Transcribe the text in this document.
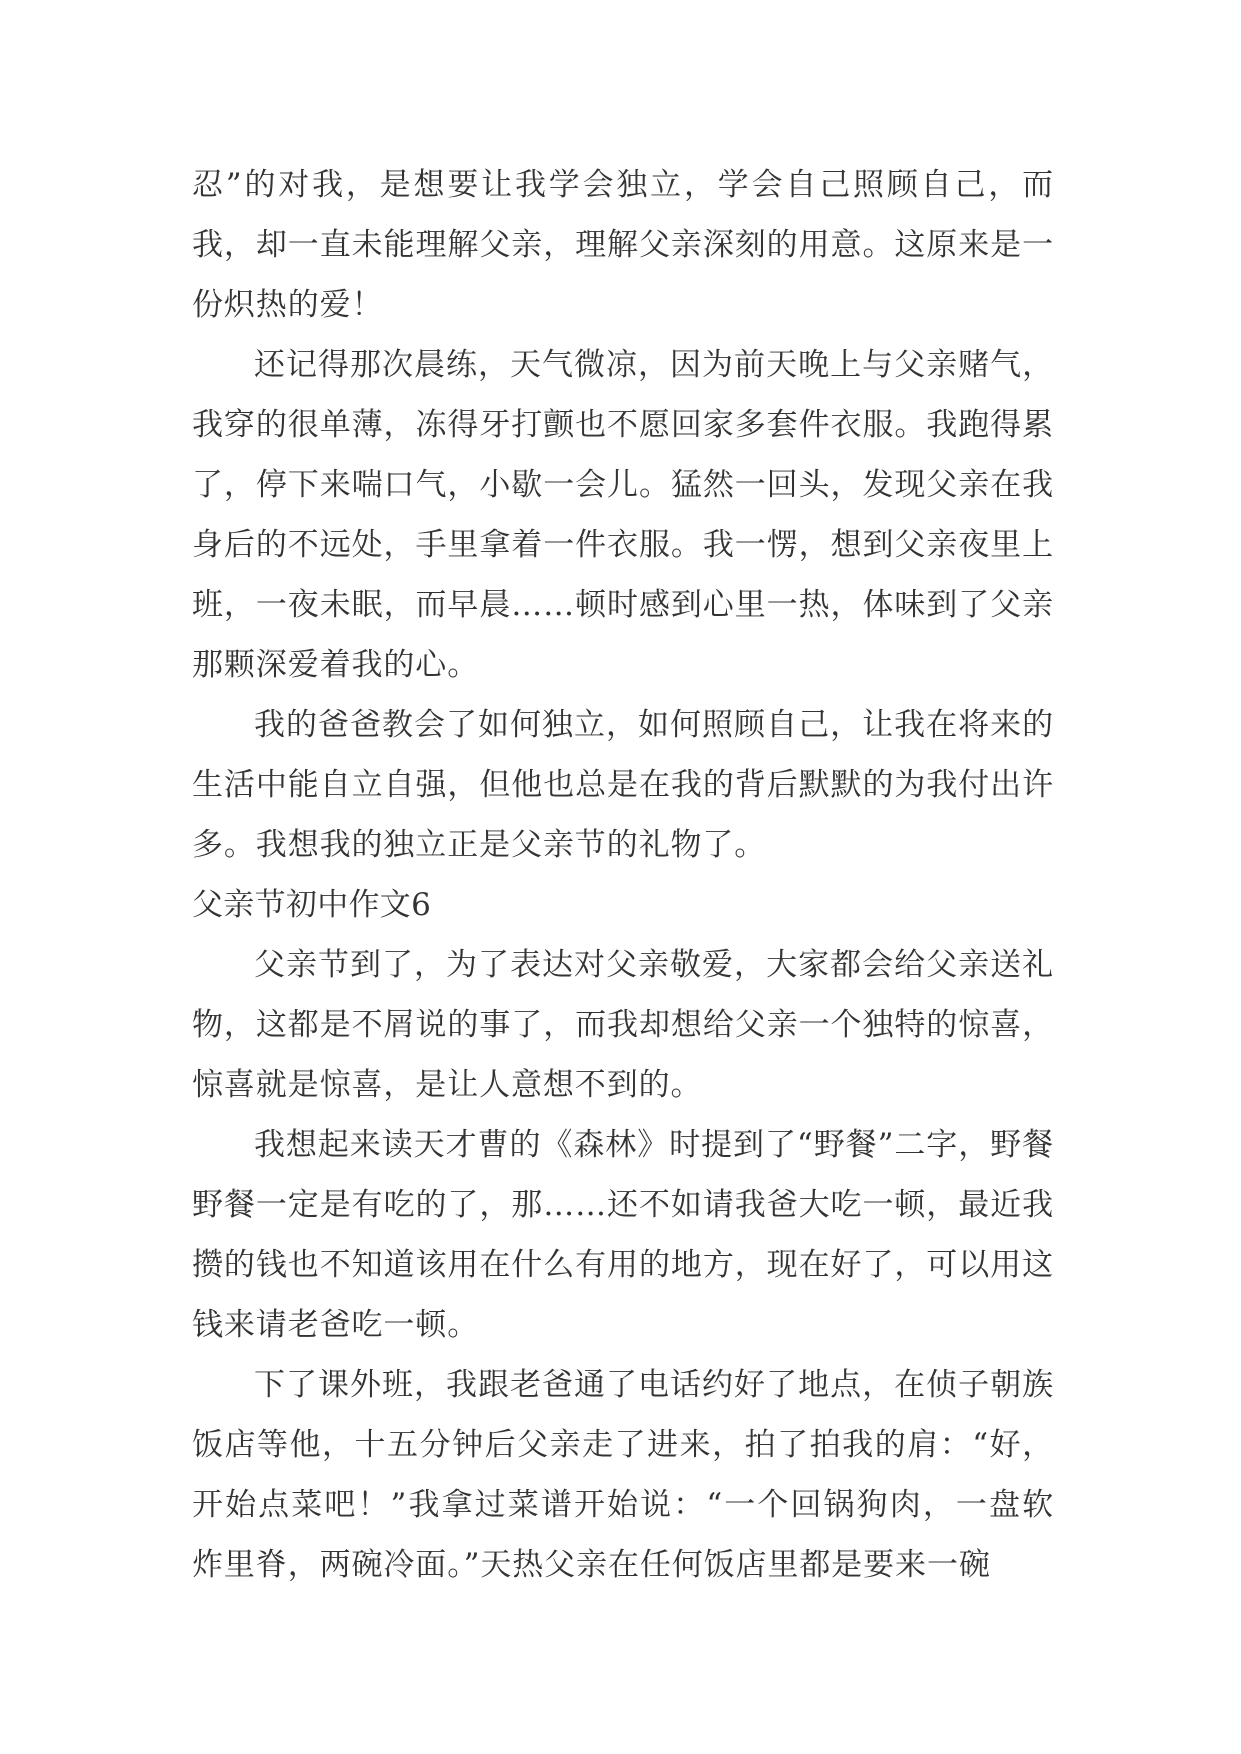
忍”的对我，是想要让我学会独立，学会自己照顾自己，而我，却一直未能理解父亲，理解父亲深刻的用意。这原来是一份炽热的爱！

还记得那次晨练，天气微凉，因为前天晚上与父亲赌气，我穿的很单薄，冻得牙打颤也不愿回家多套件衣服。我跑得累了，停下来喘口气，小歇一会儿。猛然一回头，发现父亲在我身后的不远处，手里拿着一件衣服。我一愣，想到父亲夜里上班，一夜未眠，而早晨……顿时感到心里一热，体味到了父亲那颗深爱着我的心。

我的爸爸教会了如何独立，如何照顾自己，让我在将来的生活中能自立自强，但他也总是在我的背后默默的为我付出许多。我想我的独立正是父亲节的礼物了。

父亲节初中作文6

父亲节到了，为了表达对父亲敬爱，大家都会给父亲送礼物，这都是不屑说的事了，而我却想给父亲一个独特的惊喜，惊喜就是惊喜，是让人意想不到的。

我想起来读天才曹的《森林》时提到了“野餐”二字，野餐野餐一定是有吃的了，那……还不如请我爸大吃一顿，最近我攒的钱也不知道该用在什么有用的地方，现在好了，可以用这钱来请老爸吃一顿。

下了课外班，我跟老爸通了电话约好了地点，在侦子朝族饭店等他，十五分钟后父亲走了进来，拍了拍我的肩：“好，开始点菜吧！”我拿过菜谱开始说：“一个回锅狗肉，一盘软炸里脊，两碗冷面。”天热父亲在任何饭店里都是要来一碗
